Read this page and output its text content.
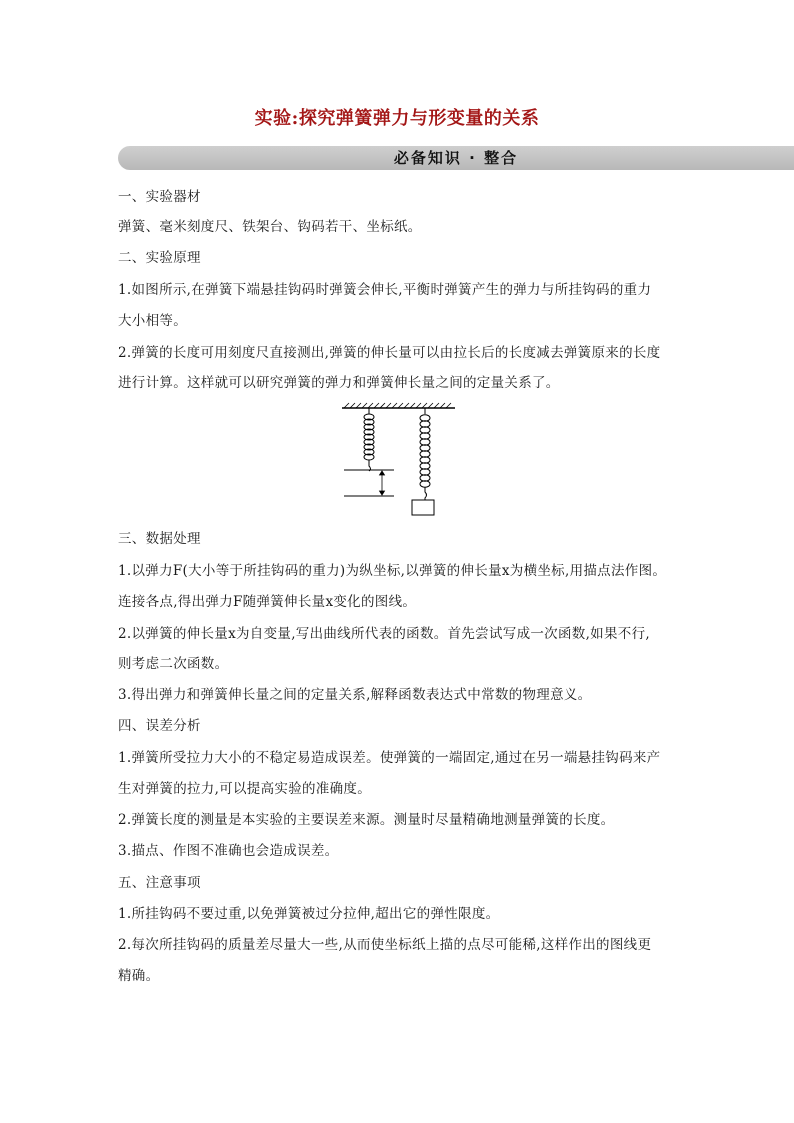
实验:探究弹簧弹力与形变量的关系
必备知识 · 整合
一、实验器材
弹簧、毫米刻度尺、铁架台、钩码若干、坐标纸。
二、实验原理
1.如图所示,在弹簧下端悬挂钩码时弹簧会伸长,平衡时弹簧产生的弹力与所挂钩码的重力
大小相等。
2.弹簧的长度可用刻度尺直接测出,弹簧的伸长量可以由拉长后的长度减去弹簧原来的长度
进行计算。这样就可以研究弹簧的弹力和弹簧伸长量之间的定量关系了。
三、数据处理
1.以弹力F(大小等于所挂钩码的重力)为纵坐标,以弹簧的伸长量x为横坐标,用描点法作图。
连接各点,得出弹力F随弹簧伸长量x变化的图线。
2.以弹簧的伸长量x为自变量,写出曲线所代表的函数。首先尝试写成一次函数,如果不行,
则考虑二次函数。
3.得出弹力和弹簧伸长量之间的定量关系,解释函数表达式中常数的物理意义。
四、误差分析
1.弹簧所受拉力大小的不稳定易造成误差。使弹簧的一端固定,通过在另一端悬挂钩码来产
生对弹簧的拉力,可以提高实验的准确度。
2.弹簧长度的测量是本实验的主要误差来源。测量时尽量精确地测量弹簧的长度。
3.描点、作图不准确也会造成误差。
五、注意事项
1.所挂钩码不要过重,以免弹簧被过分拉伸,超出它的弹性限度。
2.每次所挂钩码的质量差尽量大一些,从而使坐标纸上描的点尽可能稀,这样作出的图线更
精确。
